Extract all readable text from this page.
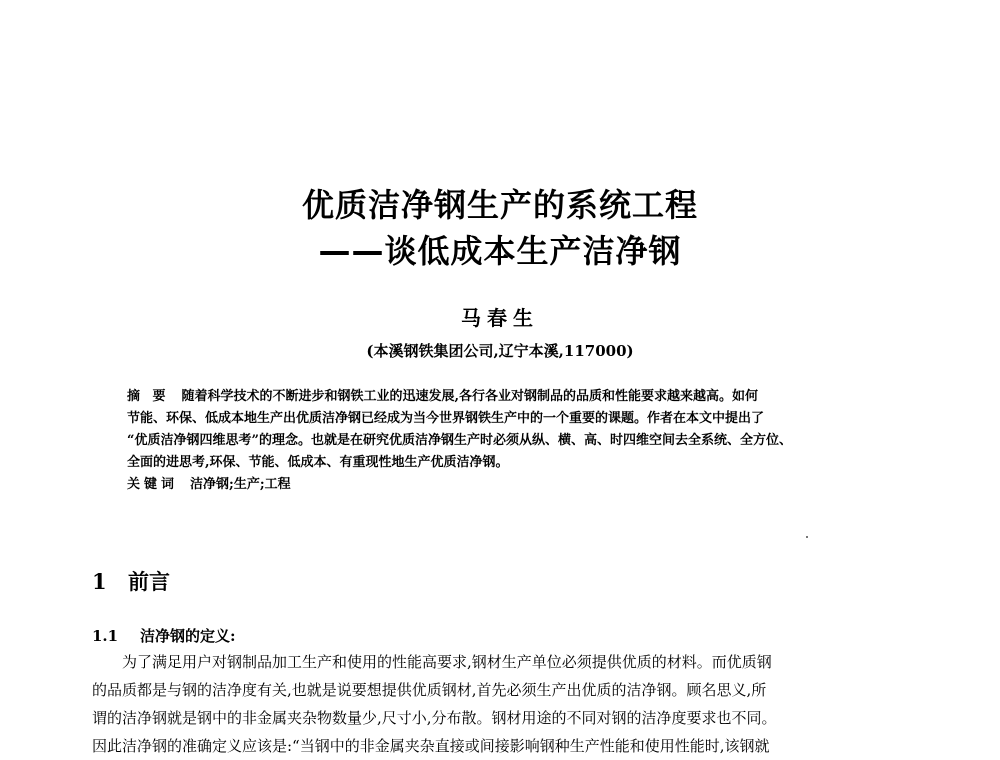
优质洁净钢生产的系统工程
——谈低成本生产洁净钢
马春生
(本溪钢铁集团公司,辽宁本溪,117000)

摘 要 随着科学技术的不断进步和钢铁工业的迅速发展,各行各业对钢制品的品质和性能要求越来越高。如何

节能、环保、低成本地生产出优质洁净钢已经成为当今世界钢铁生产中的一个重要的课题。作者在本文中提出了

“优质洁净钢四维思考”的理念。也就是在研究优质洁净钢生产时必须从纵、横、高、时四维空间去全系统、全方位、

全面的进思考,环保、节能、低成本、有重现性地生产优质洁净钢。

关键词 洁净钢;生产;工程

1 前言
1.1 洁净钢的定义:
为了满足用户对钢制品加工生产和使用的性能高要求,钢材生产单位必须提供优质的材料。而优质钢
的品质都是与钢的洁净度有关,也就是说要想提供优质钢材,首先必须生产出优质的洁净钢。顾名思义,所
谓的洁净钢就是钢中的非金属夹杂物数量少,尺寸小,分布散。钢材用途的不同对钢的洁净度要求也不同。
因此洁净钢的准确定义应该是:“当钢中的非金属夹杂直接或间接影响钢种生产性能和使用性能时,该钢就
